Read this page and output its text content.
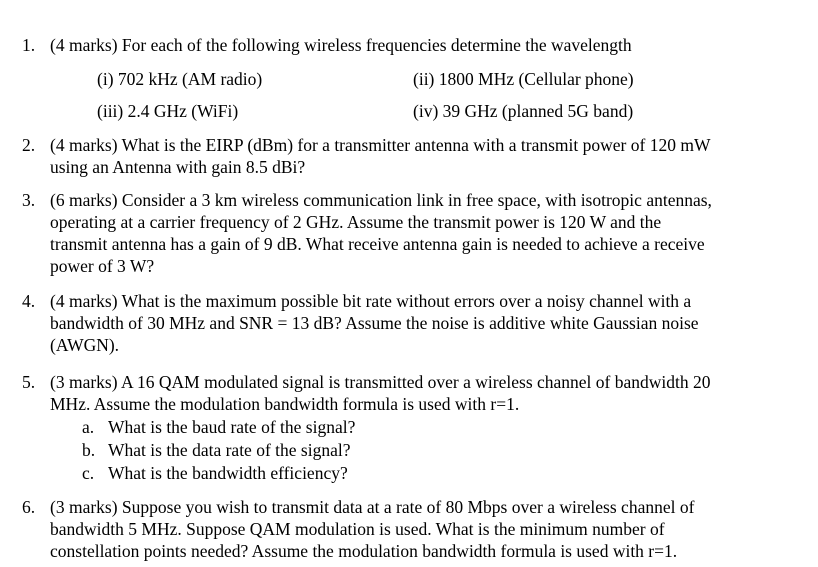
1. (4 marks) For each of the following wireless frequencies determine the wavelength
(i) 702 kHz (AM radio)	(ii) 1800 MHz (Cellular phone)
(iii) 2.4 GHz (WiFi)	(iv) 39 GHz (planned 5G band)
2. (4 marks) What is the EIRP (dBm) for a transmitter antenna with a transmit power of 120 mW
using an Antenna with gain 8.5 dBi?
3. (6 marks) Consider a 3 km wireless communication link in free space, with isotropic antennas,
operating at a carrier frequency of 2 GHz. Assume the transmit power is 120 W and the
transmit antenna has a gain of 9 dB. What receive antenna gain is needed to achieve a receive
power of 3 W?
4. (4 marks) What is the maximum possible bit rate without errors over a noisy channel with a
bandwidth of 30 MHz and SNR = 13 dB? Assume the noise is additive white Gaussian noise
(AWGN).
5. (3 marks) A 16 QAM modulated signal is transmitted over a wireless channel of bandwidth 20
MHz. Assume the modulation bandwidth formula is used with r=1.
a. What is the baud rate of the signal?
b. What is the data rate of the signal?
c. What is the bandwidth efficiency?
6. (3 marks) Suppose you wish to transmit data at a rate of 80 Mbps over a wireless channel of
bandwidth 5 MHz. Suppose QAM modulation is used. What is the minimum number of
constellation points needed? Assume the modulation bandwidth formula is used with r=1.
